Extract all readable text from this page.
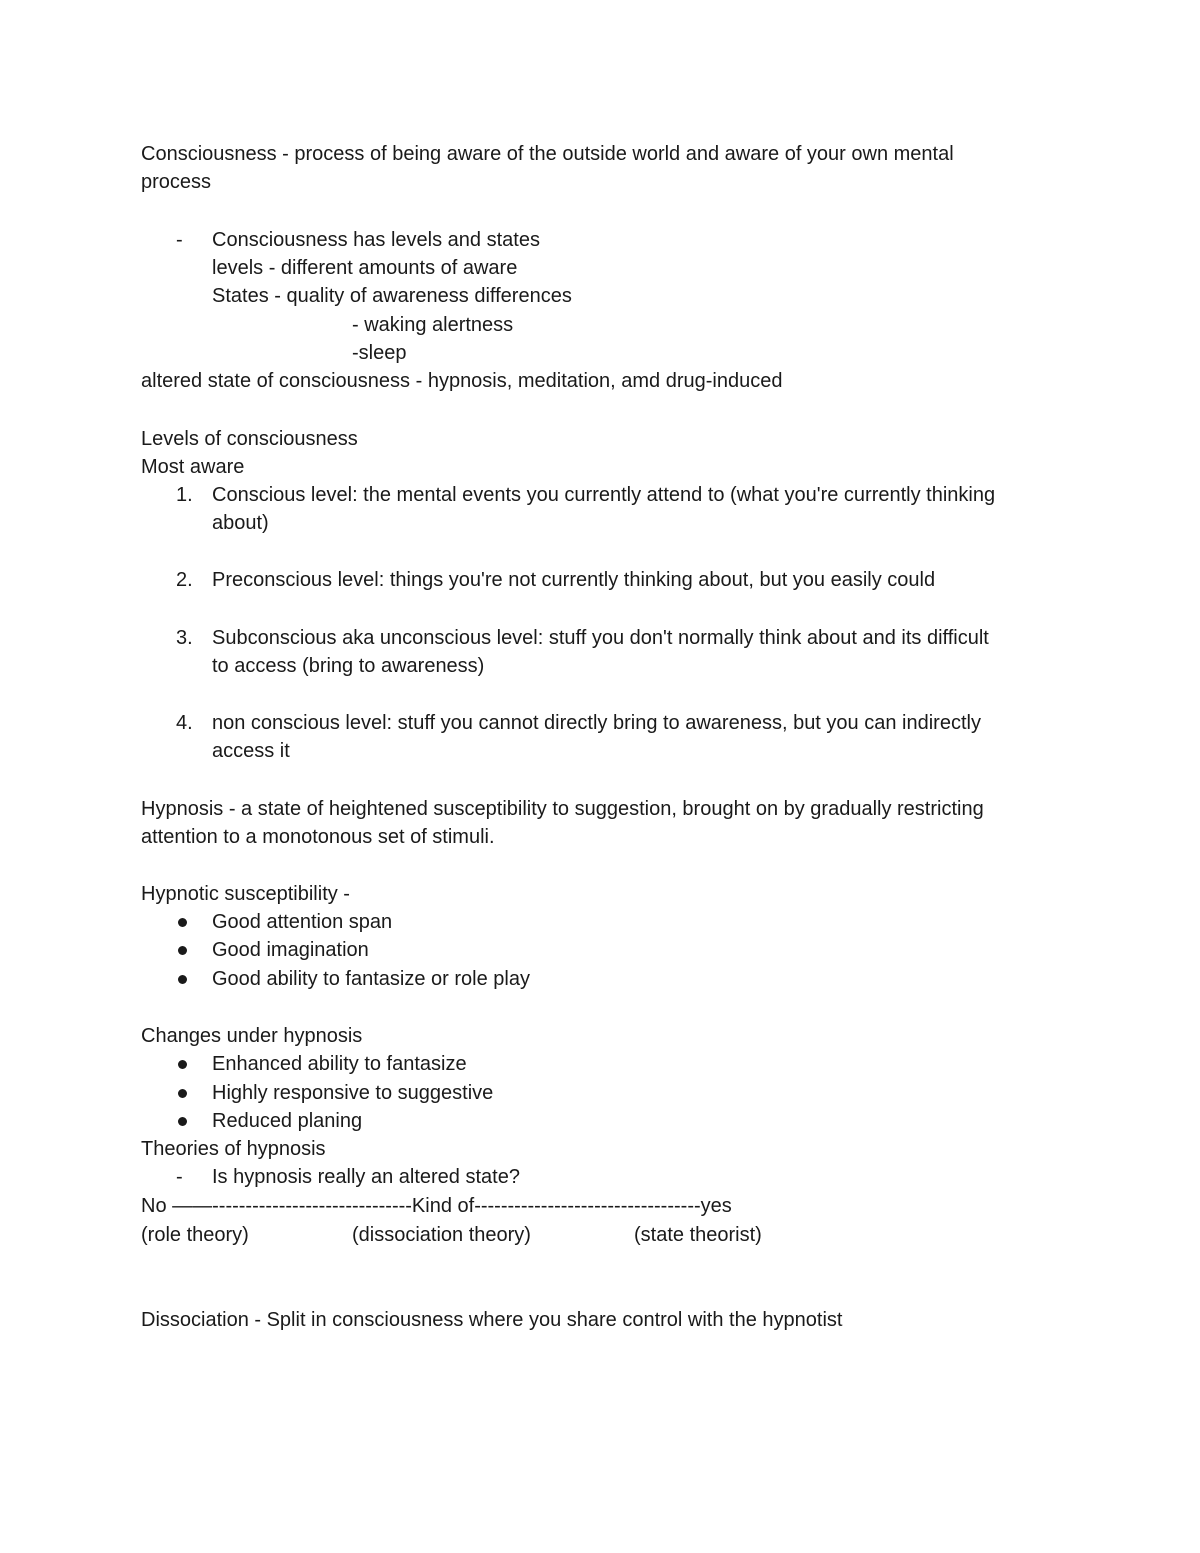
Consciousness - process of being aware of the outside world and aware of your own mental
process
- Consciousness has levels and states
levels - different amounts of aware
States - quality of awareness differences
- waking alertness
-sleep
altered state of consciousness - hypnosis, meditation, amd drug-induced
Levels of consciousness
Most aware
1. Conscious level: the mental events you currently attend to (what you're currently thinking
about)
2. Preconscious level: things you're not currently thinking about, but you easily could
3. Subconscious aka unconscious level: stuff you don't normally think about and its difficult
to access (bring to awareness)
4. non conscious level: stuff you cannot directly bring to awareness, but you can indirectly
access it
Hypnosis - a state of heightened susceptibility to suggestion, brought on by gradually restricting
attention to a monotonous set of stimuli.
Hypnotic susceptibility -
Good attention span
Good imagination
Good ability to fantasize or role play
Changes under hypnosis
Enhanced ability to fantasize
Highly responsive to suggestive
Reduced planing
Theories of hypnosis
- Is hypnosis really an altered state?
No ——------------------------------Kind of----------------------------------yes
(role theory)	(dissociation theory)	(state theorist)
Dissociation - Split in consciousness where you share control with the hypnotist
